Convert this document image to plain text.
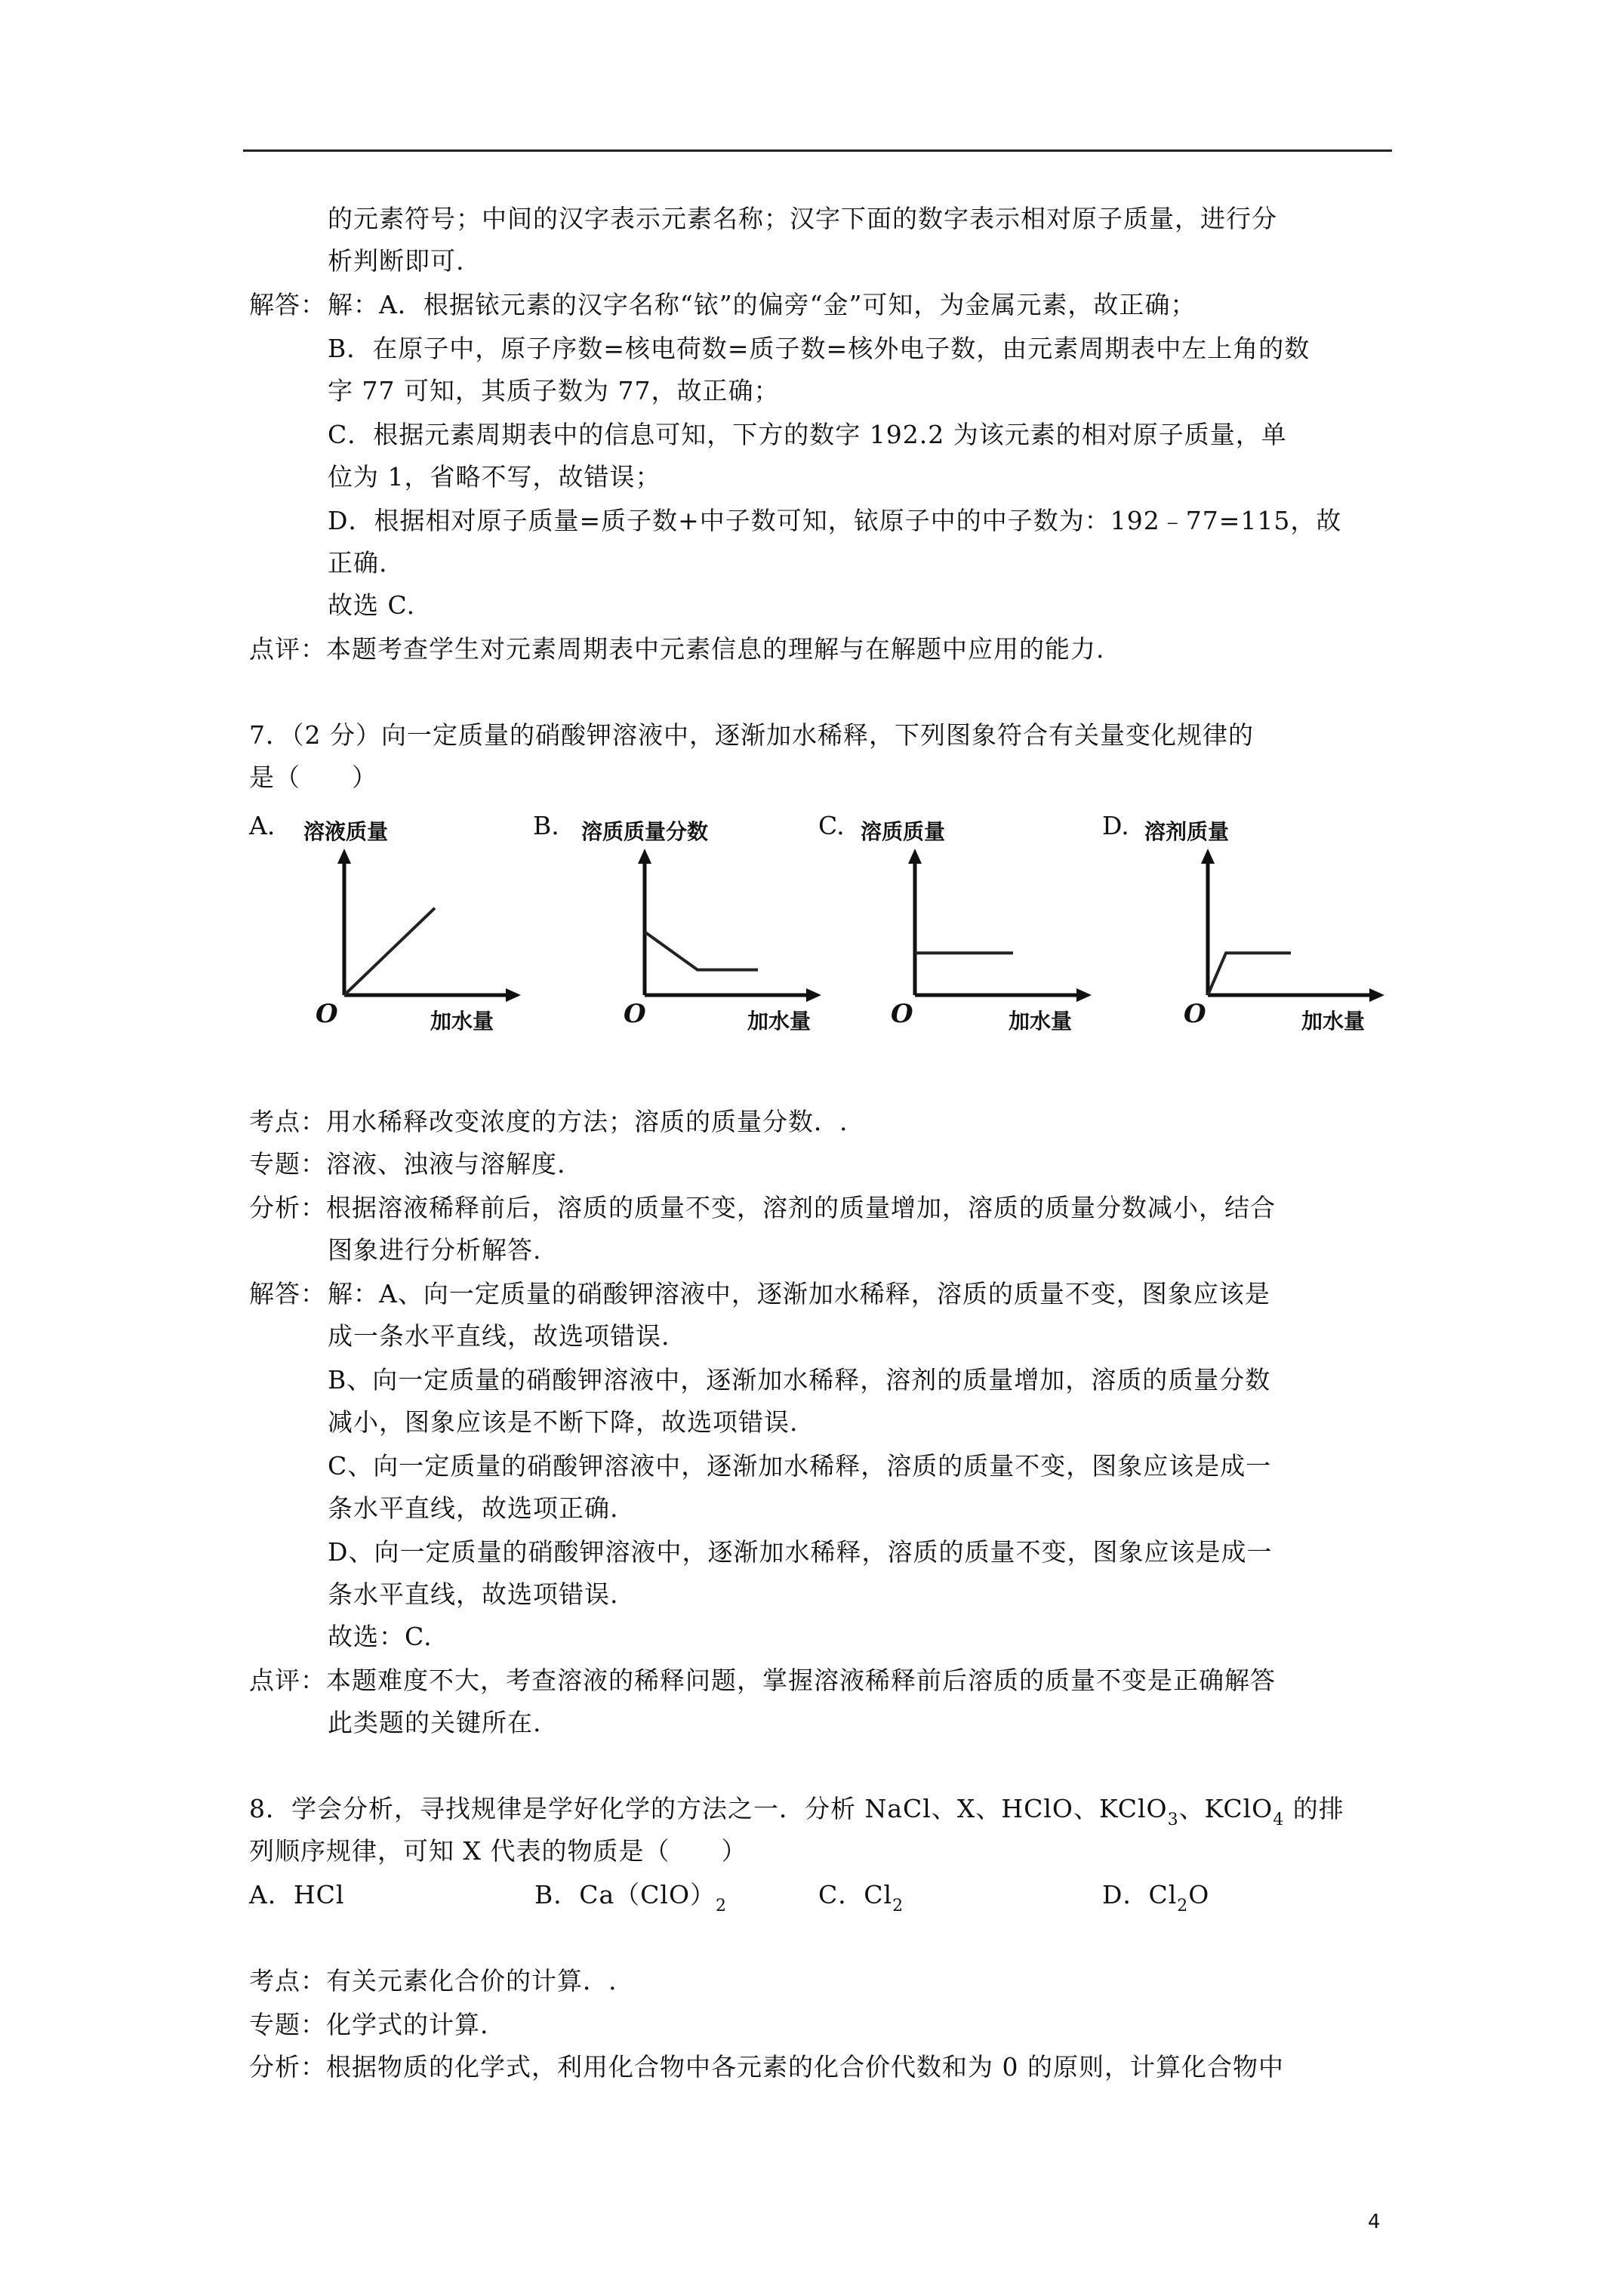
的元素符号；中间的汉字表示元素名称；汉字下面的数字表示相对原子质量，进行分
析判断即可.
解答： 解：A．根据铱元素的汉字名称“铱”的偏旁“金”可知，为金属元素，故正确；
B．在原子中，原子序数=核电荷数=质子数=核外电子数，由元素周期表中左上角的数
字 77 可知，其质子数为 77，故正确；
C．根据元素周期表中的信息可知，下方的数字 192.2 为该元素的相对原子质量，单
位为 1，省略不写，故错误；
D．根据相对原子质量=质子数+中子数可知，铱原子中的中子数为：192﹣77=115，故
正确.
故选 C.
点评：本题考查学生对元素周期表中元素信息的理解与在解题中应用的能力.
7．（2 分）向一定质量的硝酸钾溶液中，逐渐加水稀释，下列图象符合有关量变化规律的
是（　　）
A. 溶液质量
加水量
O
B. 溶质质量分数
加水量
O
C. 溶质质量
加水量
O
D. 溶剂质量
加水量
O
考点：用水稀释改变浓度的方法；溶质的质量分数．.
专题：溶液、浊液与溶解度.
分析：根据溶液稀释前后，溶质的质量不变，溶剂的质量增加，溶质的质量分数减小，结合
图象进行分析解答.
解答： 解：A、向一定质量的硝酸钾溶液中，逐渐加水稀释，溶质的质量不变，图象应该是
成一条水平直线，故选项错误.
B、向一定质量的硝酸钾溶液中，逐渐加水稀释，溶剂的质量增加，溶质的质量分数
减小，图象应该是不断下降，故选项错误.
C、向一定质量的硝酸钾溶液中，逐渐加水稀释，溶质的质量不变，图象应该是成一
条水平直线，故选项正确.
D、向一定质量的硝酸钾溶液中，逐渐加水稀释，溶质的质量不变，图象应该是成一
条水平直线，故选项错误.
故选：C.
点评：本题难度不大，考查溶液的稀释问题，掌握溶液稀释前后溶质的质量不变是正确解答
此类题的关键所在.
8．学会分析，寻找规律是学好化学的方法之一．分析 NaCl、X、HClO、KClO$_3$、KClO$_4$ 的排
列顺序规律，可知 X 代表的物质是（　　）
A．HCl	B．$Ca(ClO)_2$	C．$Cl_2$	D．$Cl_2O$
考点：有关元素化合价的计算．.
专题：化学式的计算.
分析：根据物质的化学式，利用化合物中各元素的化合价代数和为 0 的原则，计算化合物中
4
